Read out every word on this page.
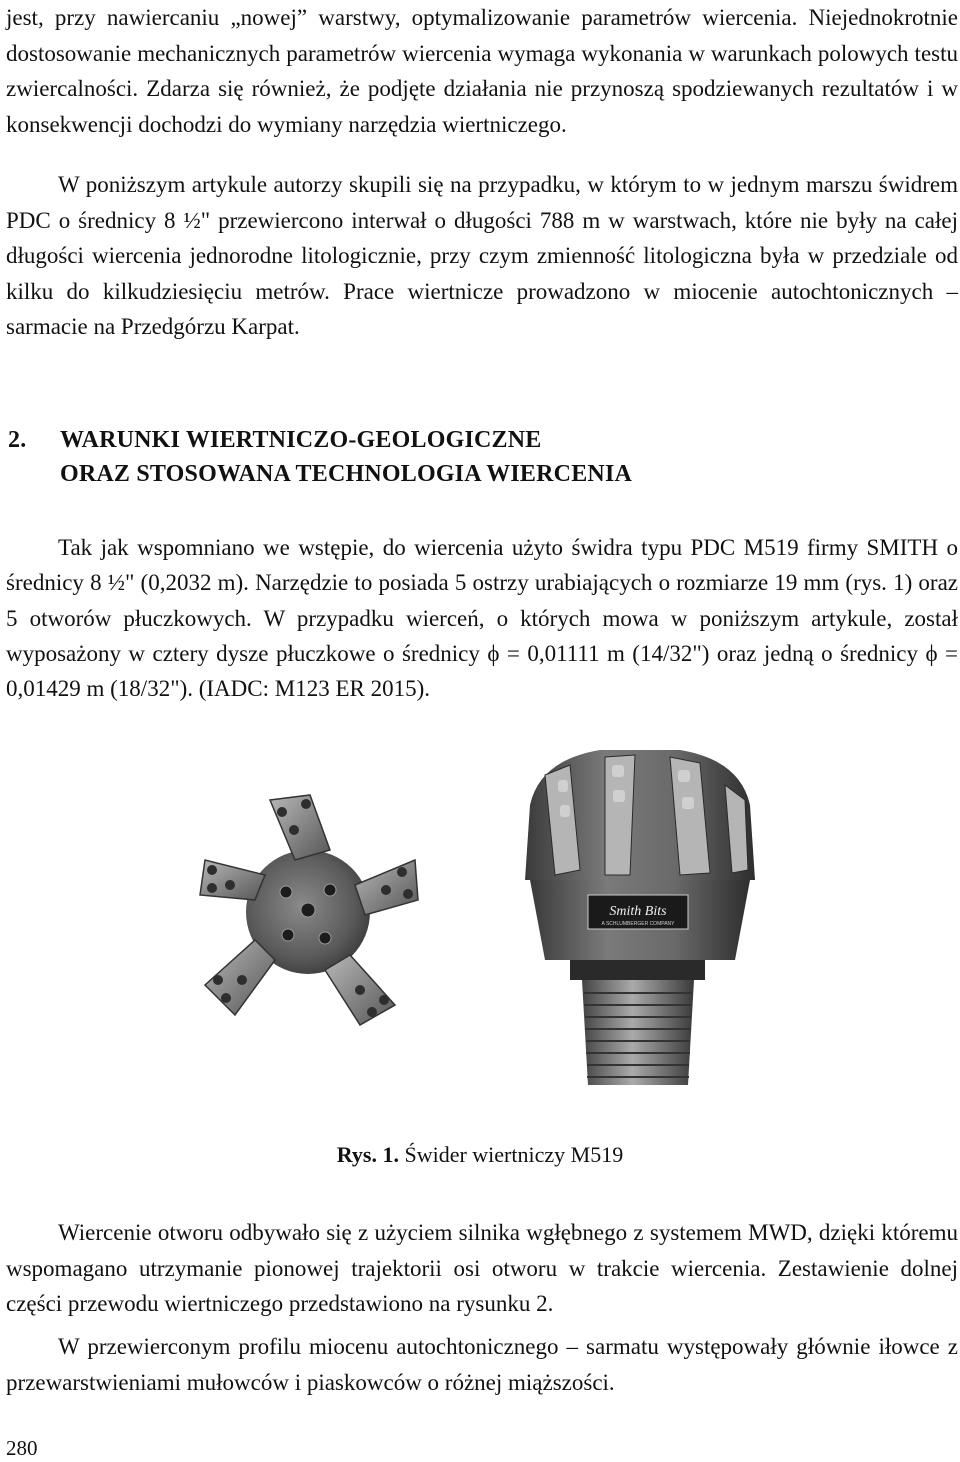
jest, przy nawiercaniu „nowej” warstwy, optymalizowanie parametrów wiercenia. Niejednokrotnie dostosowanie mechanicznych parametrów wiercenia wymaga wykonania w warunkach polowych testu zwiercalności. Zdarza się również, że podjęte działania nie przynoszą spodziewanych rezultatów i w konsekwencji dochodzi do wymiany narzędzia wiertniczego.

W poniższym artykule autorzy skupili się na przypadku, w którym to w jednym marszu świdrem PDC o średnicy 8 ½" przewiercono interwał o długości 788 m w warstwach, które nie były na całej długości wiercenia jednorodne litologicznie, przy czym zmienność litologiczna była w przedziale od kilku do kilkudziesięciu metrów. Prace wiertnicze prowadzono w miocenie autochtonicznych – sarmacie na Przedgórzu Karpat.

2. WARUNKI WIERTNICZO-GEOLOGICZNE
ORAZ STOSOWANA TECHNOLOGIA WIERCENIA

Tak jak wspomniano we wstępie, do wiercenia użyto świdra typu PDC M519 firmy SMITH o średnicy 8 ½" (0,2032 m). Narzędzie to posiada 5 ostrzy urabiających o rozmiarze 19 mm (rys. 1) oraz 5 otworów płuczkowych. W przypadku wierceń, o których mowa w poniższym artykule, został wyposażony w cztery dysze płuczkowe o średnicy ϕ = 0,01111 m (14/32") oraz jedną o średnicy ϕ = 0,01429 m (18/32"). (IADC: M123 ER 2015).

Smith Bits
A SCHLUMBERGER COMPANY
Rys. 1. Świder wiertniczy M519

Wiercenie otworu odbywało się z użyciem silnika wgłębnego z systemem MWD, dzięki któremu wspomagano utrzymanie pionowej trajektorii osi otworu w trakcie wiercenia. Zestawienie dolnej części przewodu wiertniczego przedstawiono na rysunku 2.

W przewierconym profilu miocenu autochtonicznego – sarmatu występowały głównie iłowce z przewarstwieniami mułowców i piaskowców o różnej miąższości.

280
